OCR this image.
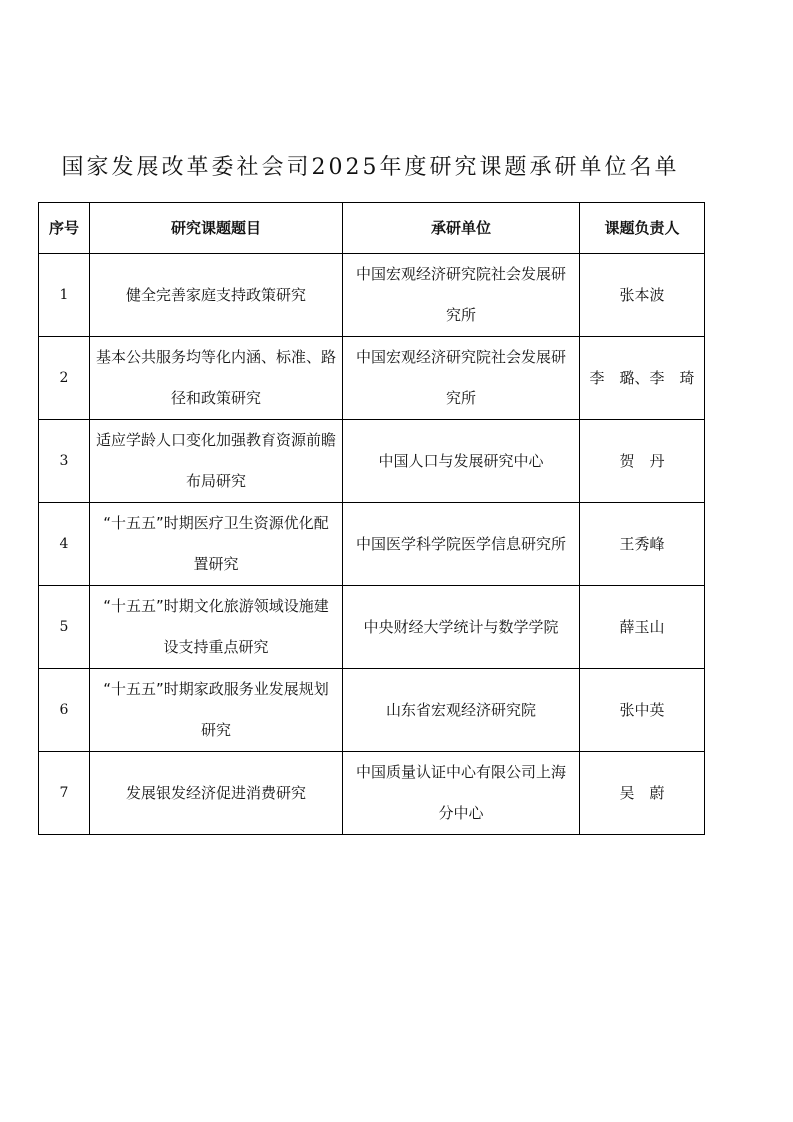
国家发展改革委社会司2025年度研究课题承研单位名单
序号	研究课题题目	承研单位	课题负责人
1	健全完善家庭支持政策研究	中国宏观经济研究院社会发展研究所	张本波
2	基本公共服务均等化内涵、标准、路径和政策研究	中国宏观经济研究院社会发展研究所	李　璐、李　琦
3	适应学龄人口变化加强教育资源前瞻布局研究	中国人口与发展研究中心	贺　丹
4	“十五五”时期医疗卫生资源优化配置研究	中国医学科学院医学信息研究所	王秀峰
5	“十五五”时期文化旅游领域设施建设支持重点研究	中央财经大学统计与数学学院	薛玉山
6	“十五五”时期家政服务业发展规划研究	山东省宏观经济研究院	张中英
7	发展银发经济促进消费研究	中国质量认证中心有限公司上海分中心	吴　蔚
